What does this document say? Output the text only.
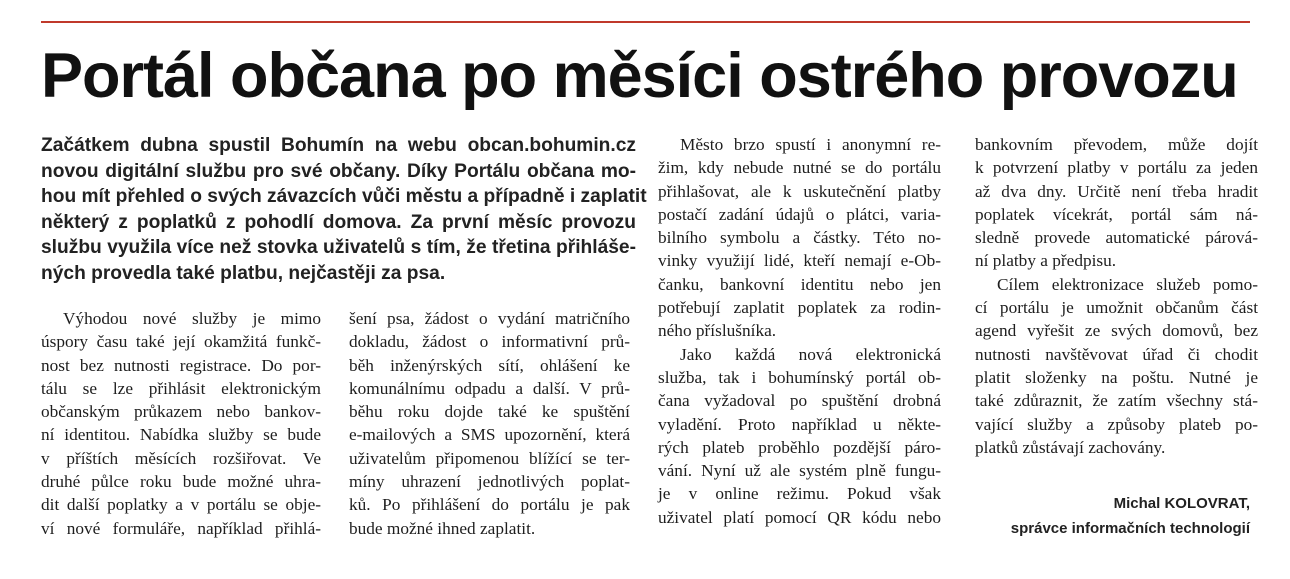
Portál občana po měsíci ostrého provozu
Začátkem dubna spustil Bohumín na webu obcan.bohumin.cz
novou digitální službu pro své občany. Díky Portálu občana mo-
hou mít přehled o svých závazcích vůči městu a případně i zaplatit
některý z poplatků z pohodlí domova. Za první měsíc provozu
službu využila více než stovka uživatelů s tím, že třetina přihláše-
ných provedla také platbu, nejčastěji za psa.
Výhodou nové služby je mimo
úspory času také její okamžitá funkč-
nost bez nutnosti registrace. Do por-
tálu se lze přihlásit elektronickým
občanským průkazem nebo bankov-
ní identitou. Nabídka služby se bude
v příštích měsících rozšiřovat. Ve
druhé půlce roku bude možné uhra-
dit další poplatky a v portálu se obje-
ví nové formuláře, například přihlá-
šení psa, žádost o vydání matričního
dokladu, žádost o informativní prů-
běh inženýrských sítí, ohlášení ke
komunálnímu odpadu a další. V prů-
běhu roku dojde také ke spuštění
e-mailových a SMS upozornění, která
uživatelům připomenou blížící se ter-
míny uhrazení jednotlivých poplat-
ků. Po přihlášení do portálu je pak
bude možné ihned zaplatit.
Město brzo spustí i anonymní re-
žim, kdy nebude nutné se do portálu
přihlašovat, ale k uskutečnění platby
postačí zadání údajů o plátci, varia-
bilního symbolu a částky. Této no-
vinky využijí lidé, kteří nemají e-Ob-
čanku, bankovní identitu nebo jen
potřebují zaplatit poplatek za rodin-
ného příslušníka.
Jako každá nová elektronická
služba, tak i bohumínský portál ob-
čana vyžadoval po spuštění drobná
vyladění. Proto například u někte-
rých plateb proběhlo pozdější páro-
vání. Nyní už ale systém plně fungu-
je v online režimu. Pokud však
uživatel platí pomocí QR kódu nebo
bankovním převodem, může dojít
k potvrzení platby v portálu za jeden
až dva dny. Určitě není třeba hradit
poplatek vícekrát, portál sám ná-
sledně provede automatické párová-
ní platby a předpisu.
Cílem elektronizace služeb pomo-
cí portálu je umožnit občanům část
agend vyřešit ze svých domovů, bez
nutnosti navštěvovat úřad či chodit
platit složenky na poštu. Nutné je
také zdůraznit, že zatím všechny stá-
vající služby a způsoby plateb po-
platků zůstávají zachovány.
Michal KOLOVRAT,
správce informačních technologií
